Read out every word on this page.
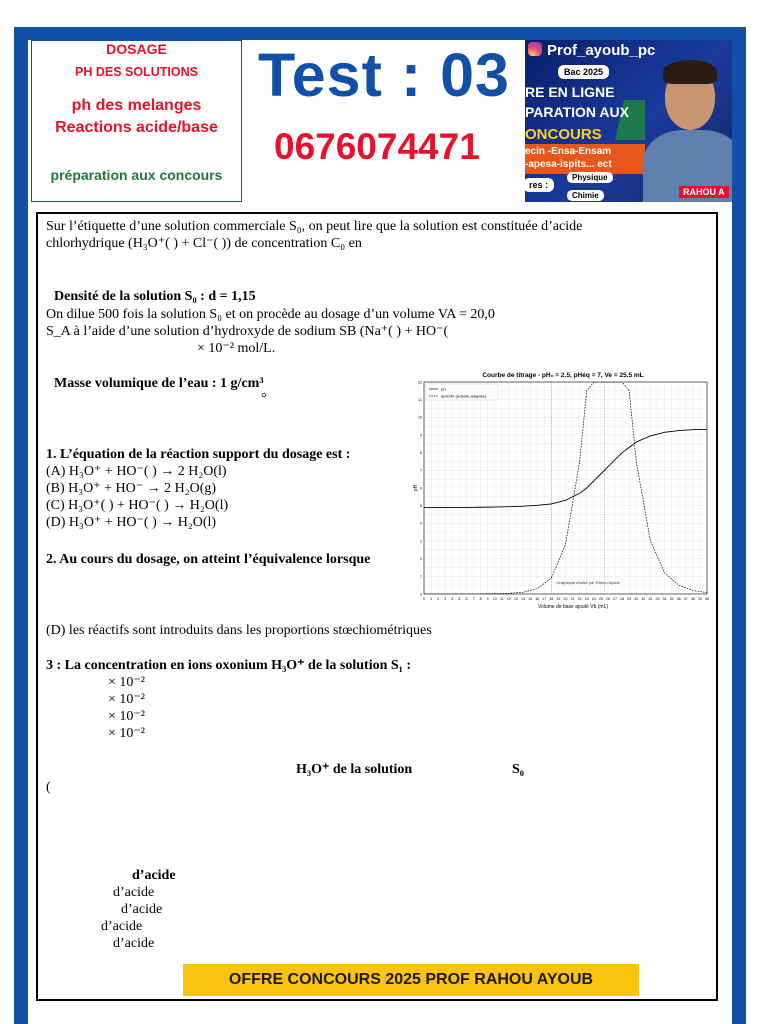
DOSAGE
PH DES SOLUTIONS
ph des melanges
Reactions acide/base
préparation aux concours
Test : 03
0676074471
Prof_ayoub_pc
Bac 2025
RE EN LIGNE
PARATION AUX
ONCOURS
ecin -Ensa-Ensam
-apesa-ispits... ect
res :
Physique
Chimie	RAHOU A
Sur l’étiquette d’une solution commerciale S₀, on peut lire que la solution est constituée d’acide
chlorhydrique (H₃O⁺( ) + Cl⁻( )) de concentration C₀ en
Densité de la solution S₀ : d = 1,15
On dilue 500 fois la solution S₀ et on procède au dosage d’un volume VA = 20,0
S_A à l’aide d’une solution d’hydroxyde de sodium SB (Na⁺( ) + HO⁻(
× 10⁻² mol/L.
Masse volumique de l’eau : 1 g/cm³
°
1. L’équation de la réaction support du dosage est :
(A) H₃O⁺ + HO⁻( ) → 2 H₂O(l)
(B) H₃O⁺ + HO⁻ → 2 H₂O(g)
(C) H₃O⁺( ) + HO⁻( ) → H₂O(l)
(D) H₃O⁺ + HO⁻( ) → H₂O(l)
2. Au cours du dosage, on atteint l’équivalence lorsque
(D) les réactifs sont introduits dans les proportions stœchiométriques
3 : La concentration en ions oxonium H₃O⁺ de la solution S₁ :
× 10⁻²
× 10⁻²
× 10⁻²
× 10⁻²
H₃O⁺ de la solution	S₀
(
d’acide
d’acide
d’acide
d’acide
d’acide
Courbe de titrage - pH₀ = 2.5, pHéq = 7, Ve = 25.5 mL
Volume de base ajouté Vb (mL)
pH
Graphique réalisé par Rahou Ayoub
0 1 2 3 4 5 6 7 8 9 10 11 12 13 14 15 16 17 18 19 20 21 22 23 24 25 26 27 28 29 30 31 32 33 34 35 36 37 38 39 40
0
1
2
3
4
5
6
7
8
9
10
11
12
pH
dpH/dV (échelle adaptée)
OFFRE CONCOURS 2025 PROF RAHOU AYOUB
